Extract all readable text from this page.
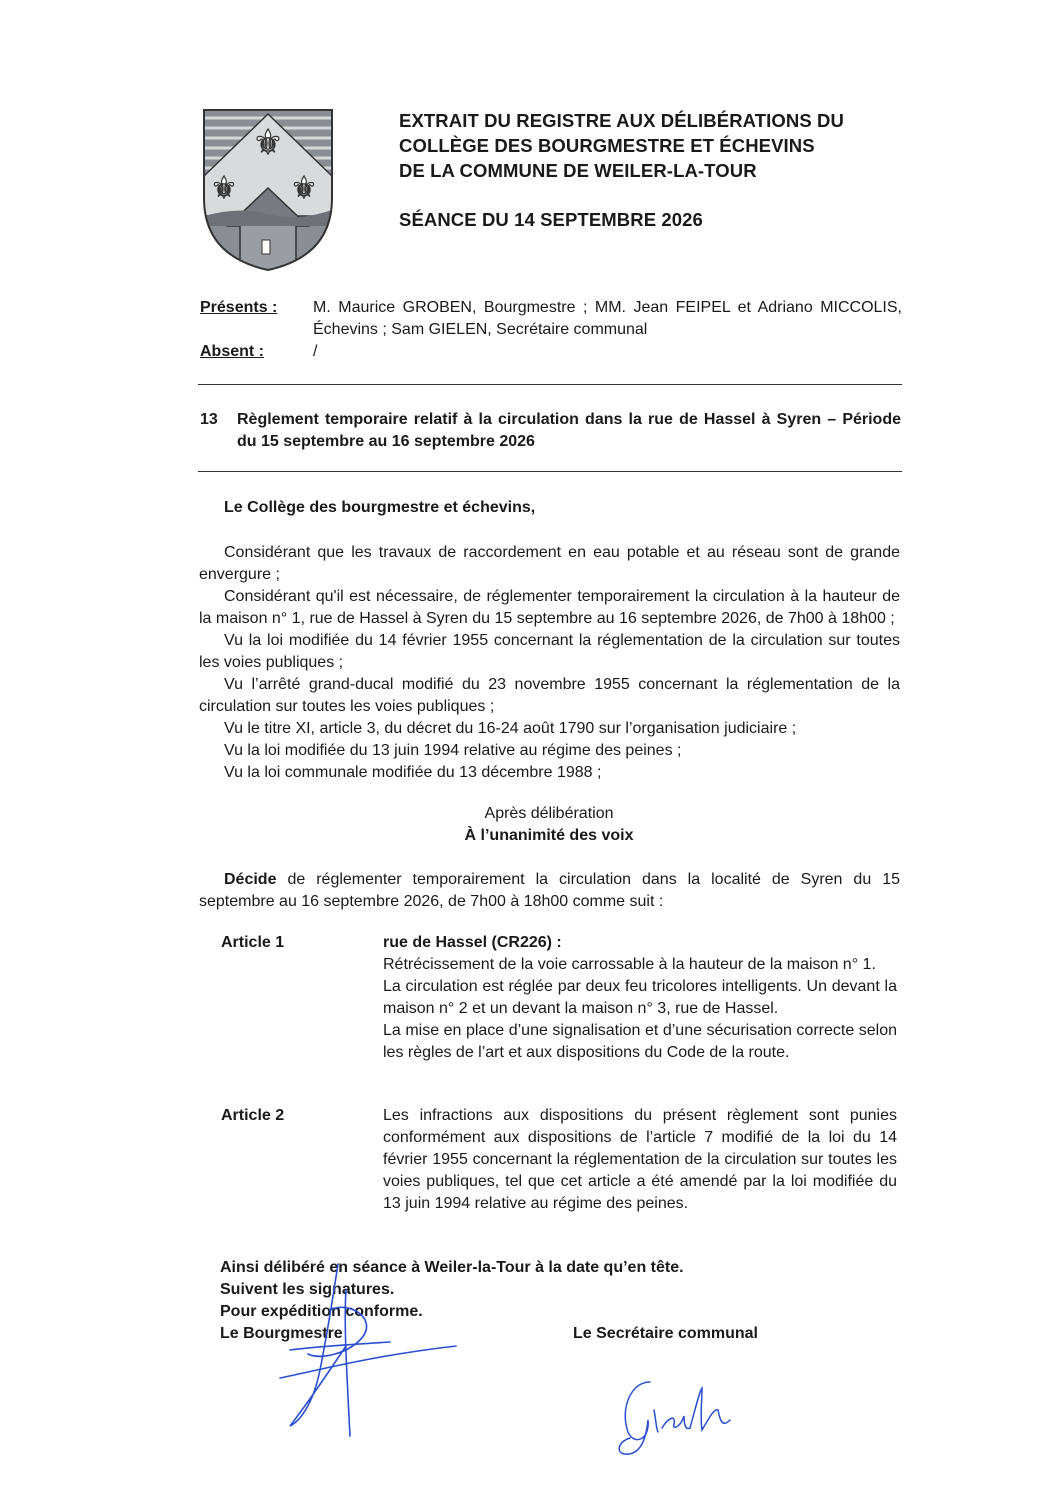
⚜
⚜ ⚜
EXTRAIT DU REGISTRE AUX DÉLIBÉRATIONS DU
COLLÈGE DES BOURGMESTRE ET ÉCHEVINS
DE LA COMMUNE DE WEILER-LA-TOUR
SÉANCE DU 14 SEPTEMBRE 2026
Présents : M. Maurice GROBEN, Bourgmestre ; MM. Jean FEIPEL et Adriano MICCOLIS, Échevins ; Sam GIELEN, Secrétaire communal

Absent :	/
13 Règlement temporaire relatif à la circulation dans la rue de Hassel à Syren – Période du 15 septembre au 16 septembre 2026

Le Collège des bourgmestre et échevins,

Considérant que les travaux de raccordement en eau potable et au réseau sont de grande envergure ;

Considérant qu'il est nécessaire, de réglementer temporairement la circulation à la hauteur de la maison n° 1, rue de Hassel à Syren du 15 septembre au 16 septembre 2026, de 7h00 à 18h00 ;

Vu la loi modifiée du 14 février 1955 concernant la réglementation de la circulation sur toutes les voies publiques ;

Vu l’arrêté grand-ducal modifié du 23 novembre 1955 concernant la réglementation de la circulation sur toutes les voies publiques ;

Vu le titre XI, article 3, du décret du 16-24 août 1790 sur l’organisation judiciaire ;

Vu la loi modifiée du 13 juin 1994 relative au régime des peines ;

Vu la loi communale modifiée du 13 décembre 1988 ;

Après délibération
À l’unanimité des voix

Décide de réglementer temporairement la circulation dans la localité de Syren du 15 septembre au 16 septembre 2026, de 7h00 à 18h00 comme suit :

Article 1	rue de Hassel (CR226) :

Rétrécissement de la voie carrossable à la hauteur de la maison n° 1.

La circulation est réglée par deux feu tricolores intelligents. Un devant la maison n° 2 et un devant la maison n° 3, rue de Hassel.

La mise en place d’une signalisation et d’une sécurisation correcte selon les règles de l’art et aux dispositions du Code de la route.

Article 2	Les infractions aux dispositions du présent règlement sont punies conformément aux dispositions de l’article 7 modifié de la loi du 14 février 1955 concernant la réglementation de la circulation sur toutes les voies publiques, tel que cet article a été amendé par la loi modifiée du 13 juin 1994 relative au régime des peines.

Ainsi délibéré en séance à Weiler-la-Tour à la date qu’en tête.
Suivent les signatures.
Pour expédition conforme.
Le Bourgmestre	Le Secrétaire communal
